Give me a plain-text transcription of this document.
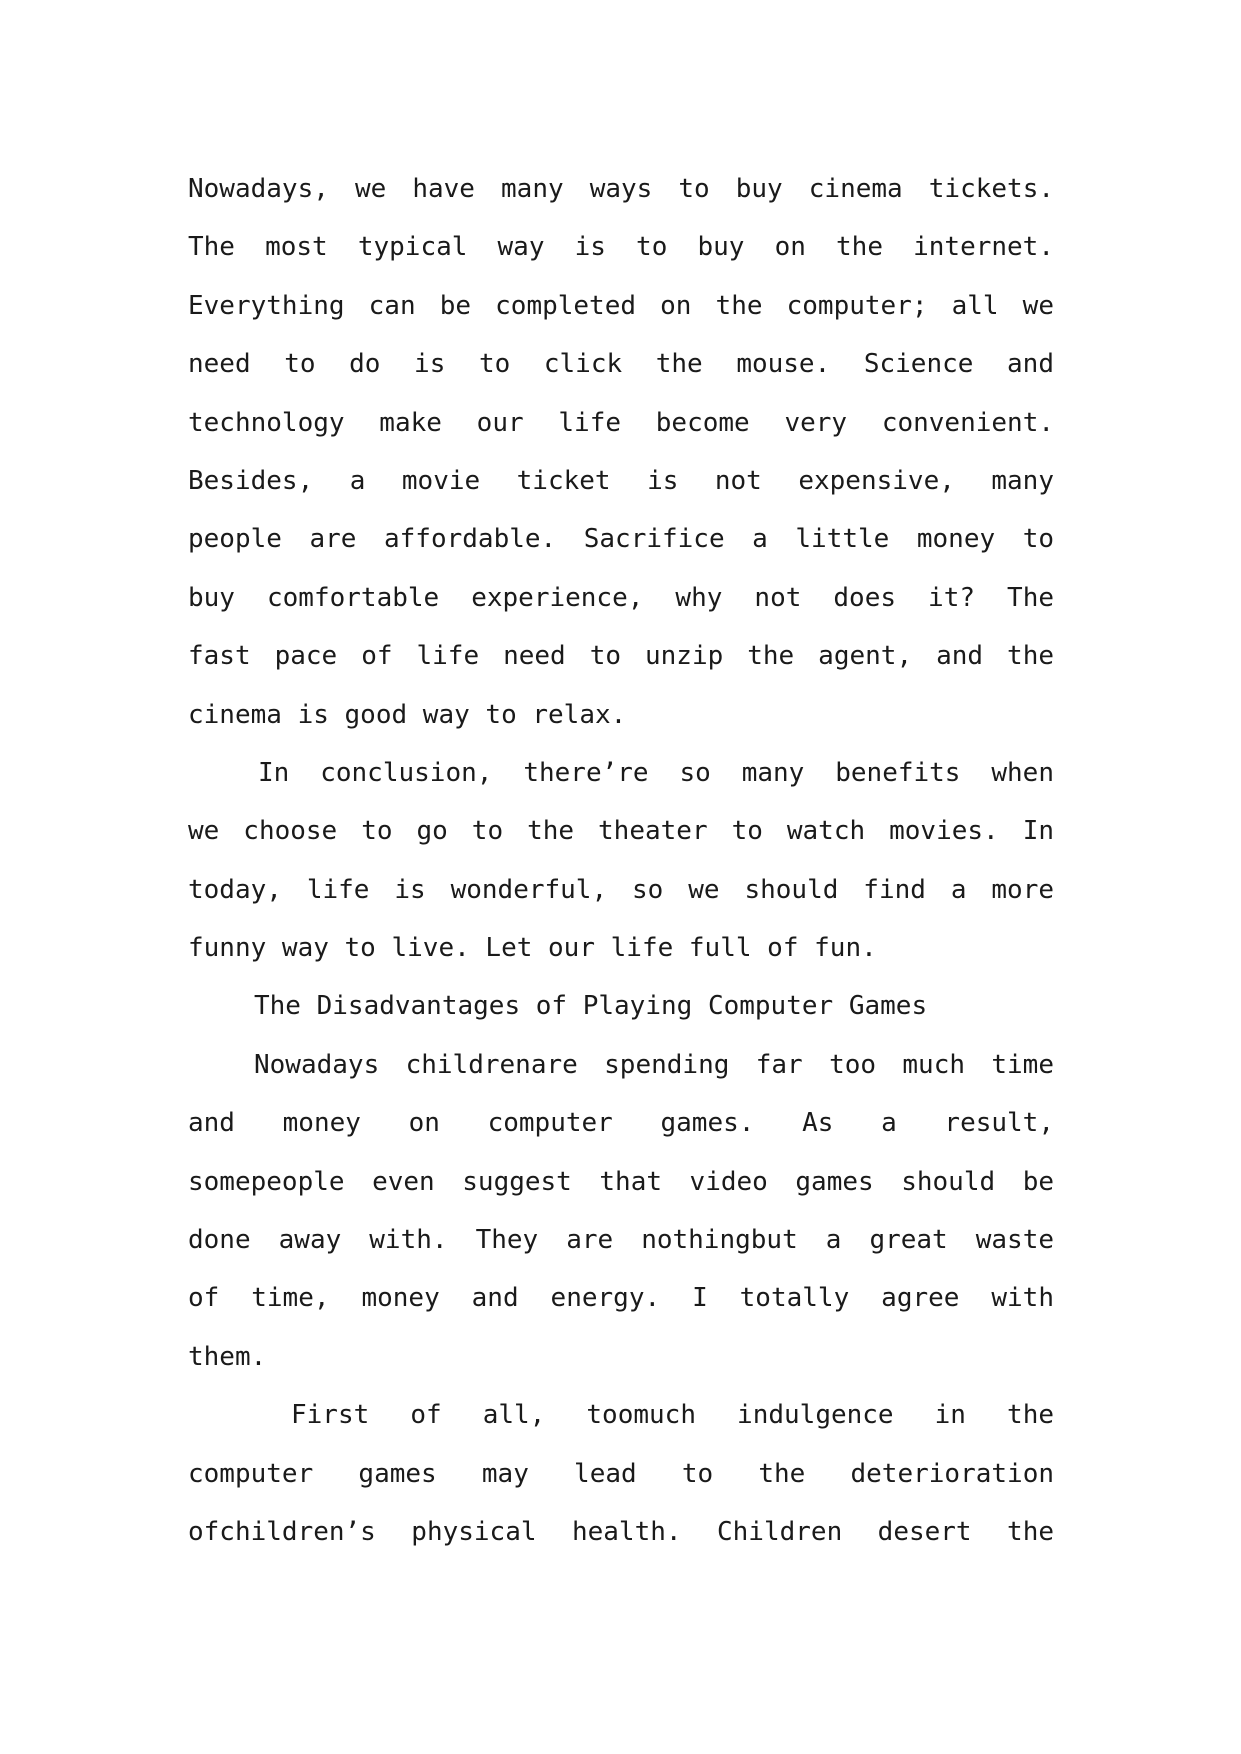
Nowadays, we have many ways to buy cinema tickets.
The most typical way is to buy on the internet.
Everything can be completed on the computer; all we
need to do is to click the mouse. Science and
technology make our life become very convenient.
Besides, a movie ticket is not expensive, many
people are affordable. Sacrifice a little money to
buy comfortable experience, why not does it? The
fast pace of life need to unzip the agent, and the
cinema is good way to relax.
In conclusion, there’re so many benefits when
we choose to go to the theater to watch movies. In
today, life is wonderful, so we should find a more
funny way to live. Let our life full of fun.
The Disadvantages of Playing Computer Games
Nowadays childrenare spending far too much time
and money on computer games. As a result,
somepeople even suggest that video games should be
done away with. They are nothingbut a great waste
of time, money and energy. I totally agree with
them.
First of all, toomuch indulgence in the
computer games may lead to the deterioration
ofchildren’s physical health. Children desert the
